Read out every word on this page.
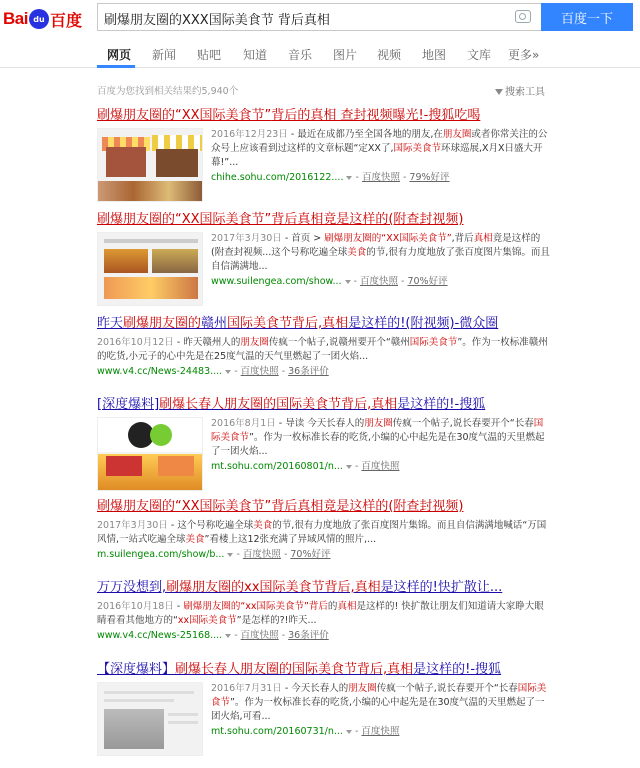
Bai du 百度 刷爆朋友圈的XXX国际美食节 背后真相	百度一下
网页 新闻 贴吧 知道 音乐 图片 视频 地图 文库 更多»
百度为您找到相关结果约5,940个	搜索工具
刷爆朋友圈的“XX国际美食节”背后的真相 查封视频曝光!-搜狐吃喝
2016年12月23日 - 最近在成都乃至全国各地的朋友,在朋友圈或者你常关注的公众号上应该看到过这样的文章标题“定XX了,国际美食节环球巡展,X月X日盛大开幕!”...
chihe.sohu.com/2016122.... - 百度快照 - 79%好评
刷爆朋友圈的“XX国际美食节”背后真相竟是这样的(附查封视频)
2017年3月30日 - 首页 > 刷爆朋友圈的“XX国际美食节”,背后真相竟是这样的(附查封视频...这个号称吃遍全球美食的节,很有力度地放了张百度图片集锦。而且自信满满地...
www.suilengea.com/show... - 百度快照 - 70%好评
昨天刷爆朋友圈的赣州国际美食节背后,真相是这样的!(附视频)-微众圈
2016年10月12日 - 昨天赣州人的朋友圈传疯一个帖子,说赣州要开个“赣州国际美食节”。作为一枚标准赣州的吃货,小元子的心中先是在25度气温的天气里燃起了一团火焰...
www.v4.cc/News-24483.... - 百度快照 - 36条评价
[深度爆料]刷爆长春人朋友圈的国际美食节背后,真相是这样的!-搜狐
2016年8月1日 - 导读 今天长春人的朋友圈传疯一个帖子,说长春要开个“长春国际美食节”。作为一枚标准长春的吃货,小编的心中起先是在30度气温的天里燃起了一团火焰...
mt.sohu.com/20160801/n... - 百度快照
刷爆朋友圈的“XX国际美食节”背后真相竟是这样的(附查封视频)
2017年3月30日 - 这个号称吃遍全球美食的节,很有力度地放了张百度图片集锦。而且自信满满地喊话“万国风情,一站式吃遍全球美食”看楼上这12张充满了异域风情的照片,...
m.suilengea.com/show/b... - 百度快照 - 70%好评
万万没想到,刷爆朋友圈的xx国际美食节背后,真相是这样的!快扩散让...
2016年10月18日 - 刷爆朋友圈的“xx国际美食节”背后的真相是这样的! 快扩散让朋友们知道请大家睁大眼睛看看其他地方的“xx国际美食节”是怎样的?!昨天...
www.v4.cc/News-25168.... - 百度快照 - 36条评价
【深度爆料】刷爆长春人朋友圈的国际美食节背后,真相是这样的!-搜狐
2016年7月31日 - 今天长春人的朋友圈传疯一个帖子,说长春要开个“长春国际美食节”。作为一枚标准长春的吃货,小编的心中起先是在30度气温的天里燃起了一团火焰,可看...
mt.sohu.com/20160731/n... - 百度快照
